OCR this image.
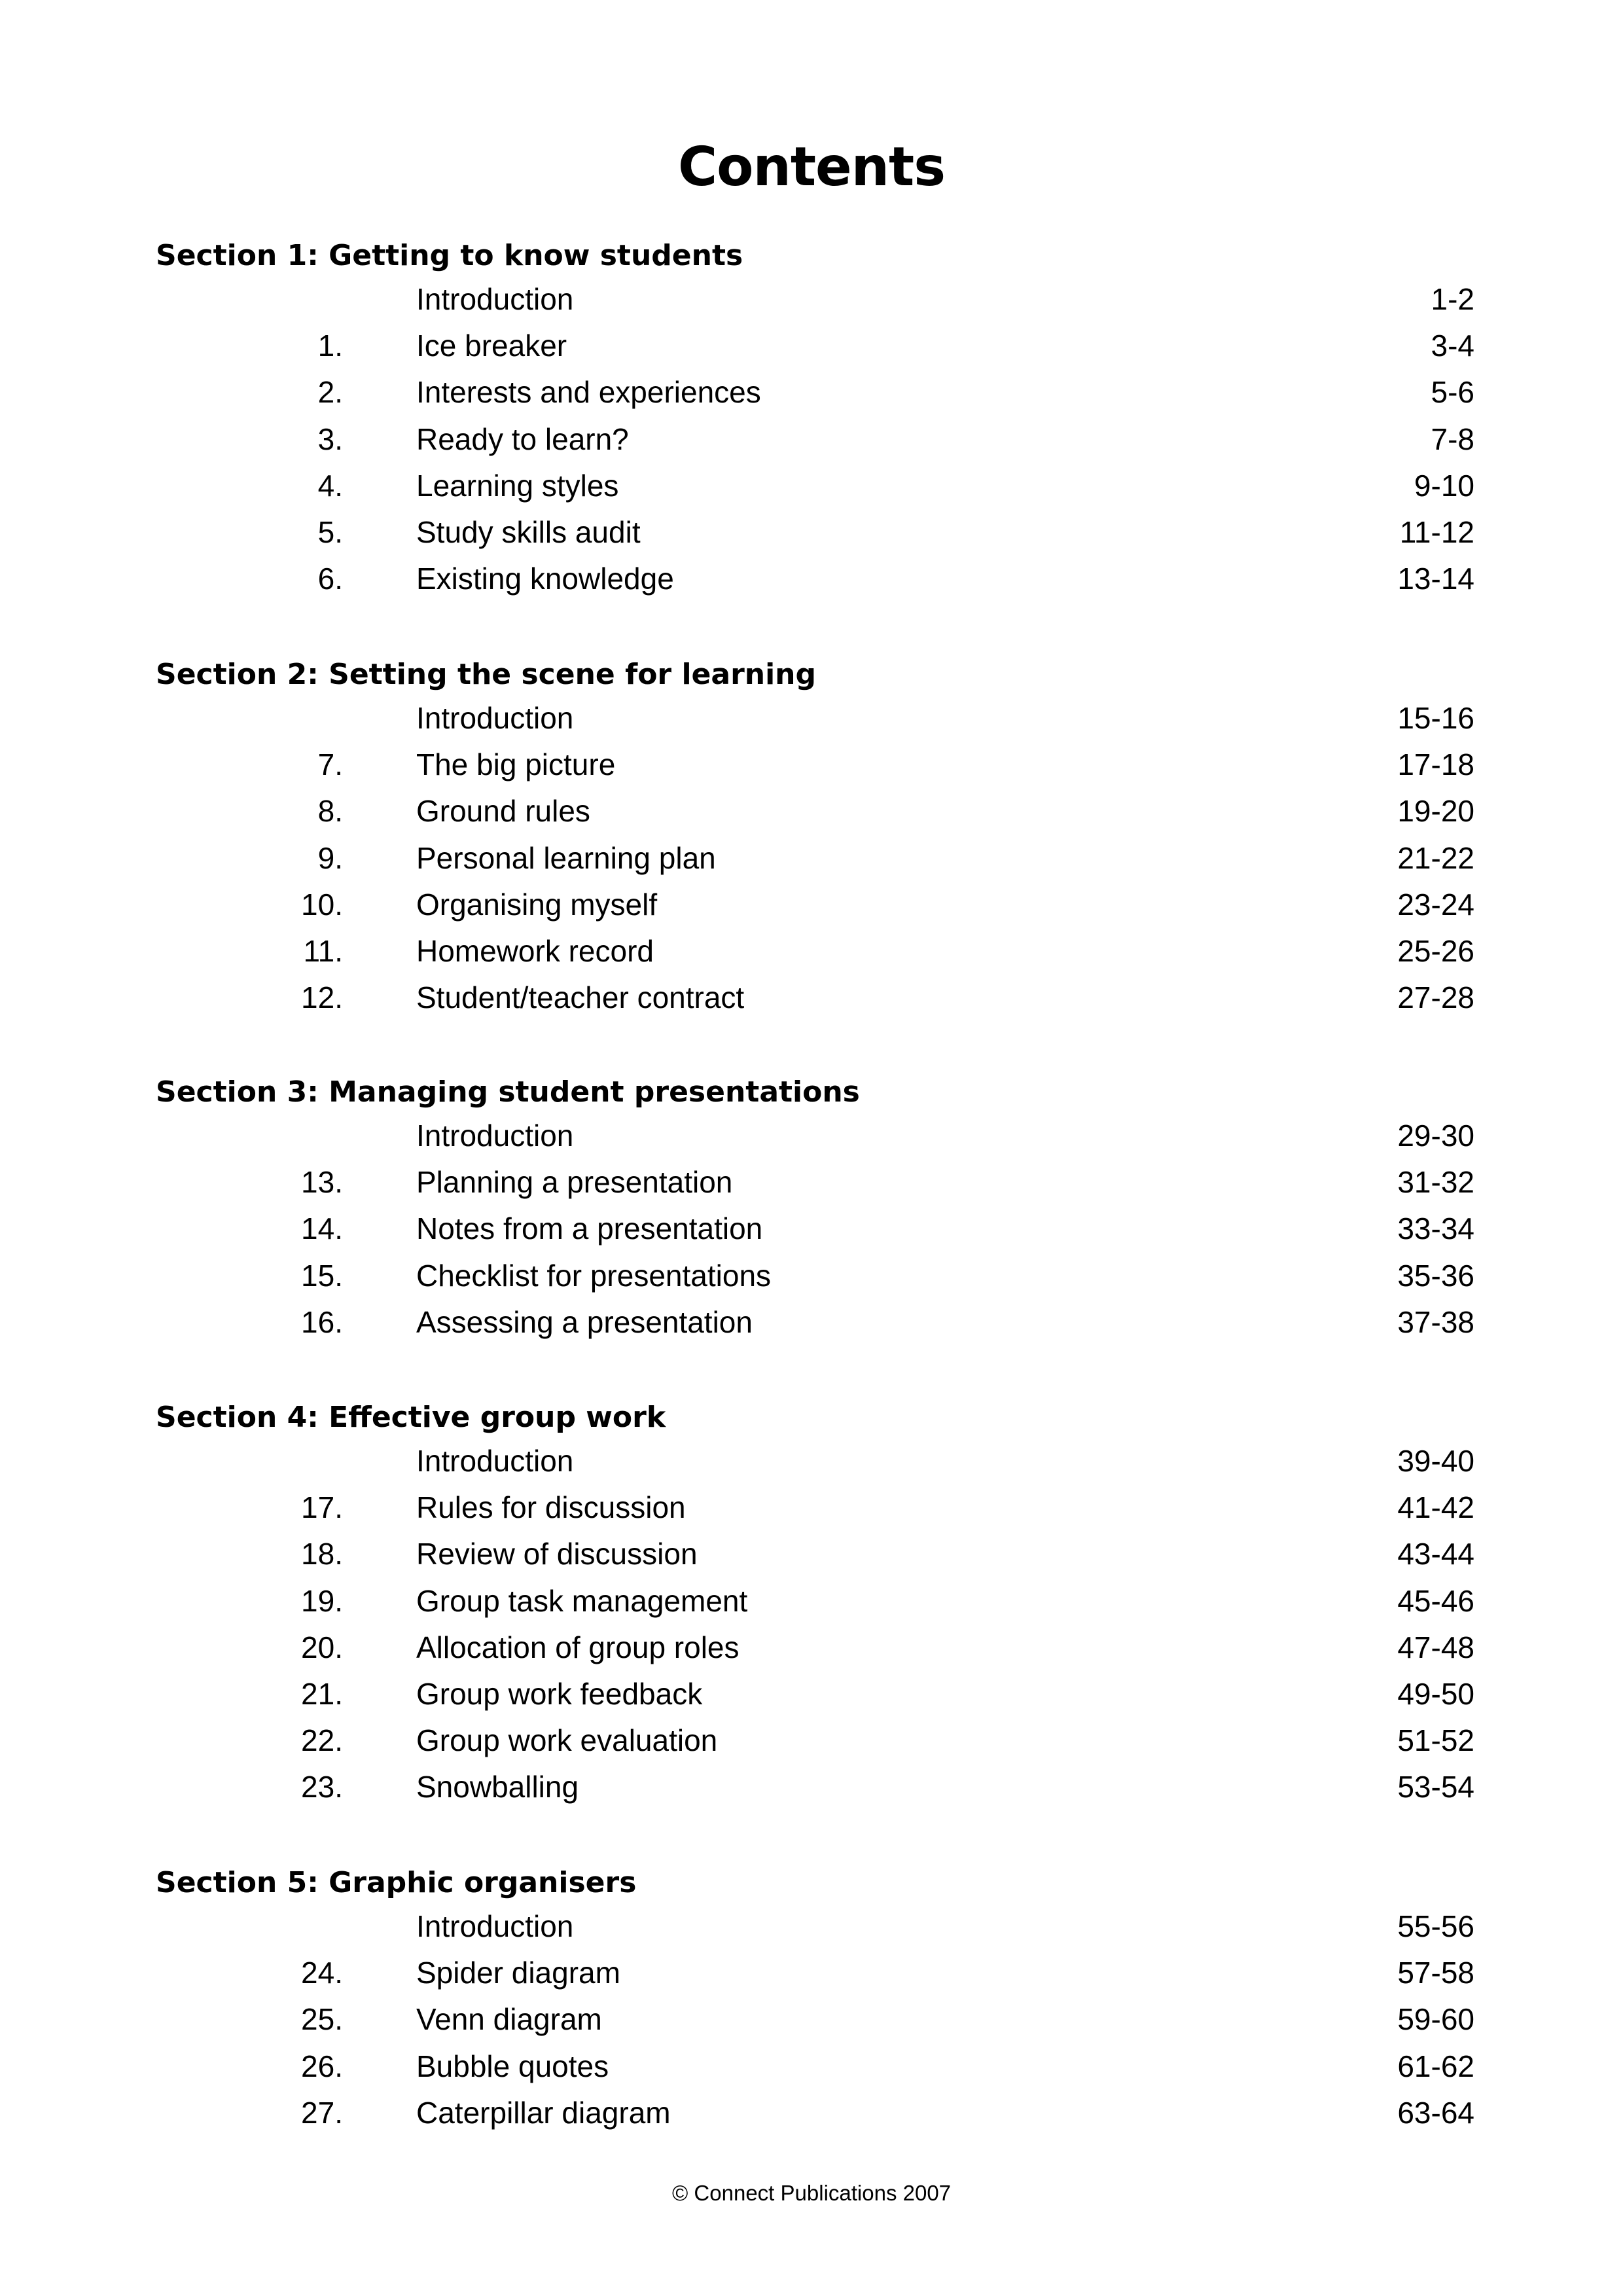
Contents
Section 1: Getting to know students
Introduction	1-2
1. Ice breaker	3-4
2. Interests and experiences	5-6
3. Ready to learn?	7-8
4. Learning styles	9-10
5. Study skills audit	11-12
6. Existing knowledge	13-14
Section 2: Setting the scene for learning
Introduction	15-16
7. The big picture	17-18
8. Ground rules	19-20
9. Personal learning plan	21-22
10. Organising myself	23-24
11. Homework record	25-26
12. Student/teacher contract	27-28
Section 3: Managing student presentations
Introduction	29-30
13. Planning a presentation	31-32
14. Notes from a presentation	33-34
15. Checklist for presentations	35-36
16. Assessing a presentation	37-38
Section 4: Effective group work
Introduction	39-40
17. Rules for discussion	41-42
18. Review of discussion	43-44
19. Group task management	45-46
20. Allocation of group roles	47-48
21. Group work feedback	49-50
22. Group work evaluation	51-52
23. Snowballing	53-54
Section 5: Graphic organisers
Introduction	55-56
24. Spider diagram	57-58
25. Venn diagram	59-60
26. Bubble quotes	61-62
27. Caterpillar diagram	63-64
© Connect Publications 2007
